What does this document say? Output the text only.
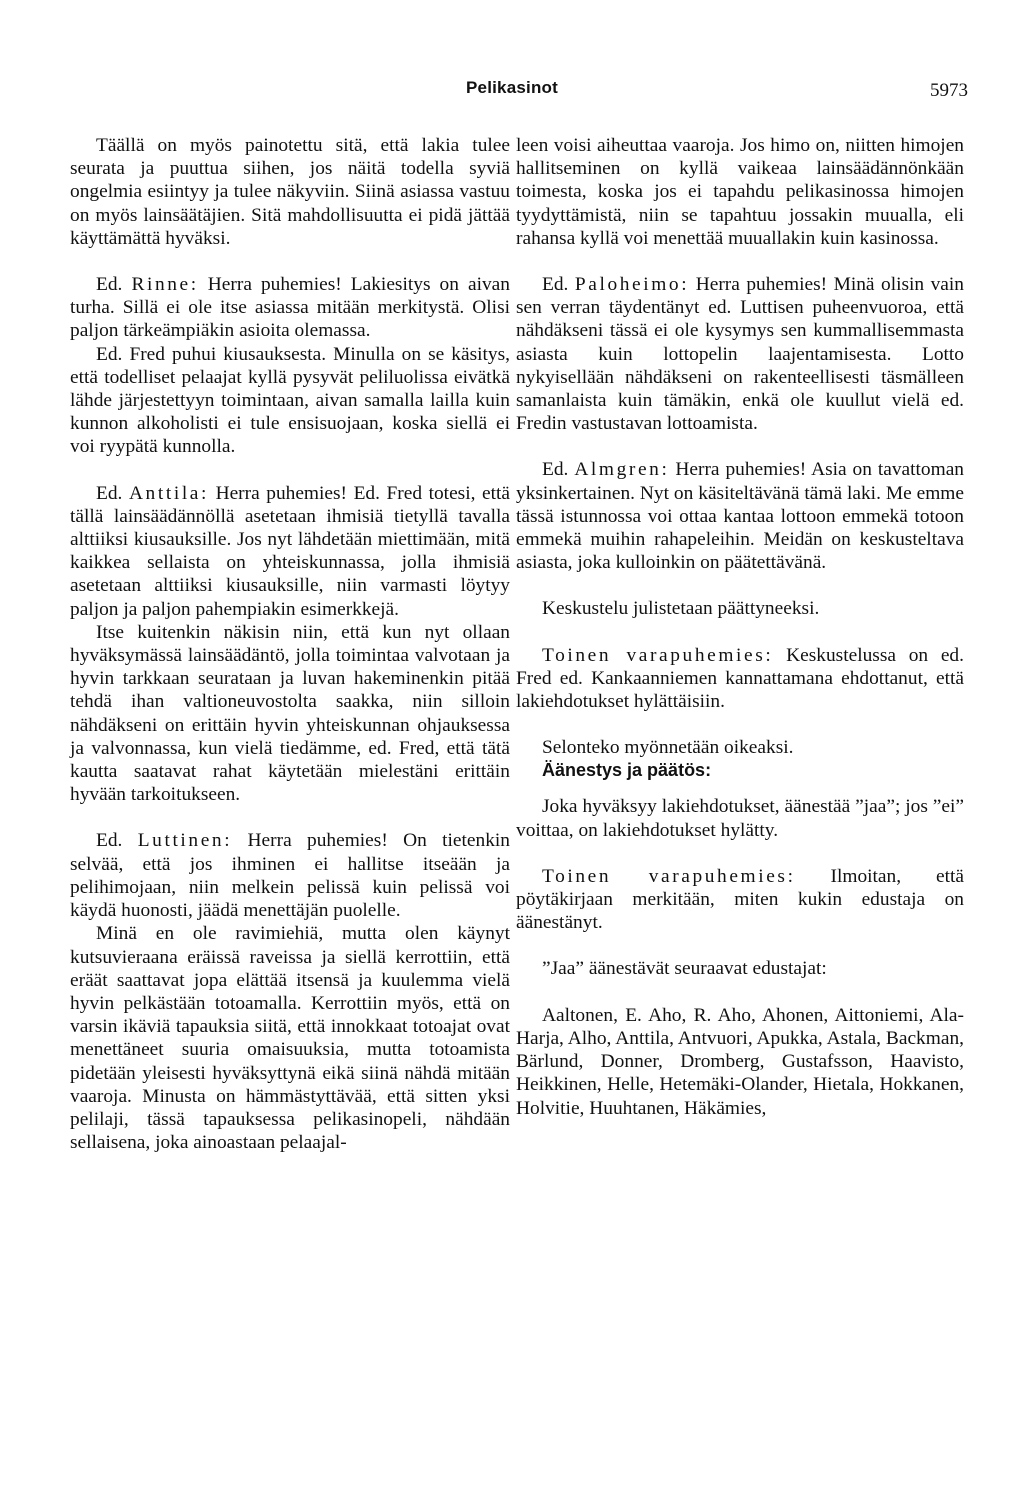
Pelikasinot	5973

Täällä on myös painotettu sitä, että lakia tulee seurata ja puuttua siihen, jos näitä todella syviä ongelmia esiintyy ja tulee näkyviin. Siinä asiassa vastuu on myös lainsäätäjien. Sitä mahdollisuutta ei pidä jättää käyttämättä hyväksi.

Ed. Rinne: Herra puhemies! Lakiesitys on aivan turha. Sillä ei ole itse asiassa mitään merkitystä. Olisi paljon tärkeämpiäkin asioita olemassa.

Ed. Fred puhui kiusauksesta. Minulla on se käsitys, että todelliset pelaajat kyllä pysyvät peliluolissa eivätkä lähde järjestettyyn toimintaan, aivan samalla lailla kuin kunnon alkoholisti ei tule ensisuojaan, koska siellä ei voi ryypätä kunnolla.

Ed. Anttila: Herra puhemies! Ed. Fred totesi, että tällä lainsäädännöllä asetetaan ihmisiä tietyllä tavalla alttiiksi kiusauksille. Jos nyt lähdetään miettimään, mitä kaikkea sellaista on yhteiskunnassa, jolla ihmisiä asetetaan alttiiksi kiusauksille, niin varmasti löytyy paljon ja paljon pahempiakin esimerkkejä.

Itse kuitenkin näkisin niin, että kun nyt ollaan hyväksymässä lainsäädäntö, jolla toimintaa valvotaan ja hyvin tarkkaan seurataan ja luvan hakeminenkin pitää tehdä ihan valtioneuvostolta saakka, niin silloin nähdäkseni on erittäin hyvin yhteiskunnan ohjauksessa ja valvonnassa, kun vielä tiedämme, ed. Fred, että tätä kautta saatavat rahat käytetään mielestäni erittäin hyvään tarkoitukseen.

Ed. Luttinen: Herra puhemies! On tietenkin selvää, että jos ihminen ei hallitse itseään ja pelihimojaan, niin melkein pelissä kuin pelissä voi käydä huonosti, jäädä menettäjän puolelle.

Minä en ole ravimiehiä, mutta olen käynyt kutsuvieraana eräissä raveissa ja siellä kerrottiin, että eräät saattavat jopa elättää itsensä ja kuulemma vielä hyvin pelkästään totoamalla. Kerrottiin myös, että on varsin ikäviä tapauksia siitä, että innokkaat totoajat ovat menettäneet suuria omaisuuksia, mutta totoamista pidetään yleisesti hyväksyttynä eikä siinä nähdä mitään vaaroja. Minusta on hämmästyttävää, että sitten yksi pelilaji, tässä tapauksessa pelikasinopeli, nähdään sellaisena, joka ainoastaan pelaajal-

leen voisi aiheuttaa vaaroja. Jos himo on, niitten himojen hallitseminen on kyllä vaikeaa lainsäädännönkään toimesta, koska jos ei tapahdu pelikasinossa himojen tyydyttämistä, niin se tapahtuu jossakin muualla, eli rahansa kyllä voi menettää muuallakin kuin kasinossa.

Ed. Paloheimo: Herra puhemies! Minä olisin vain sen verran täydentänyt ed. Luttisen puheenvuoroa, että nähdäkseni tässä ei ole kysymys sen kummallisemmasta asiasta kuin lottopelin laajentamisesta. Lotto nykyisellään nähdäkseni on rakenteellisesti täsmälleen samanlaista kuin tämäkin, enkä ole kuullut vielä ed. Fredin vastustavan lottoamista.

Ed. Almgren: Herra puhemies! Asia on tavattoman yksinkertainen. Nyt on käsiteltävänä tämä laki. Me emme tässä istunnossa voi ottaa kantaa lottoon emmekä totoon emmekä muihin rahapeleihin. Meidän on keskusteltava asiasta, joka kulloinkin on päätettävänä.

Keskustelu julistetaan päättyneeksi.

Toinen varapuhemies: Keskustelussa on ed. Fred ed. Kankaanniemen kannattamana ehdottanut, että lakiehdotukset hylättäisiin.

Selonteko myönnetään oikeaksi.

Äänestys ja päätös:

Joka hyväksyy lakiehdotukset, äänestää ”jaa”; jos ”ei” voittaa, on lakiehdotukset hylätty.

Toinen varapuhemies: Ilmoitan, että pöytäkirjaan merkitään, miten kukin edustaja on äänestänyt.

”Jaa” äänestävät seuraavat edustajat:

Aaltonen, E. Aho, R. Aho, Ahonen, Aittoniemi, Ala-Harja, Alho, Anttila, Antvuori, Apukka, Astala, Backman, Bärlund, Donner, Dromberg, Gustafsson, Haavisto, Heikkinen, Helle, Hetemäki-Olander, Hietala, Hokkanen, Holvitie, Huuhtanen, Häkämies,
